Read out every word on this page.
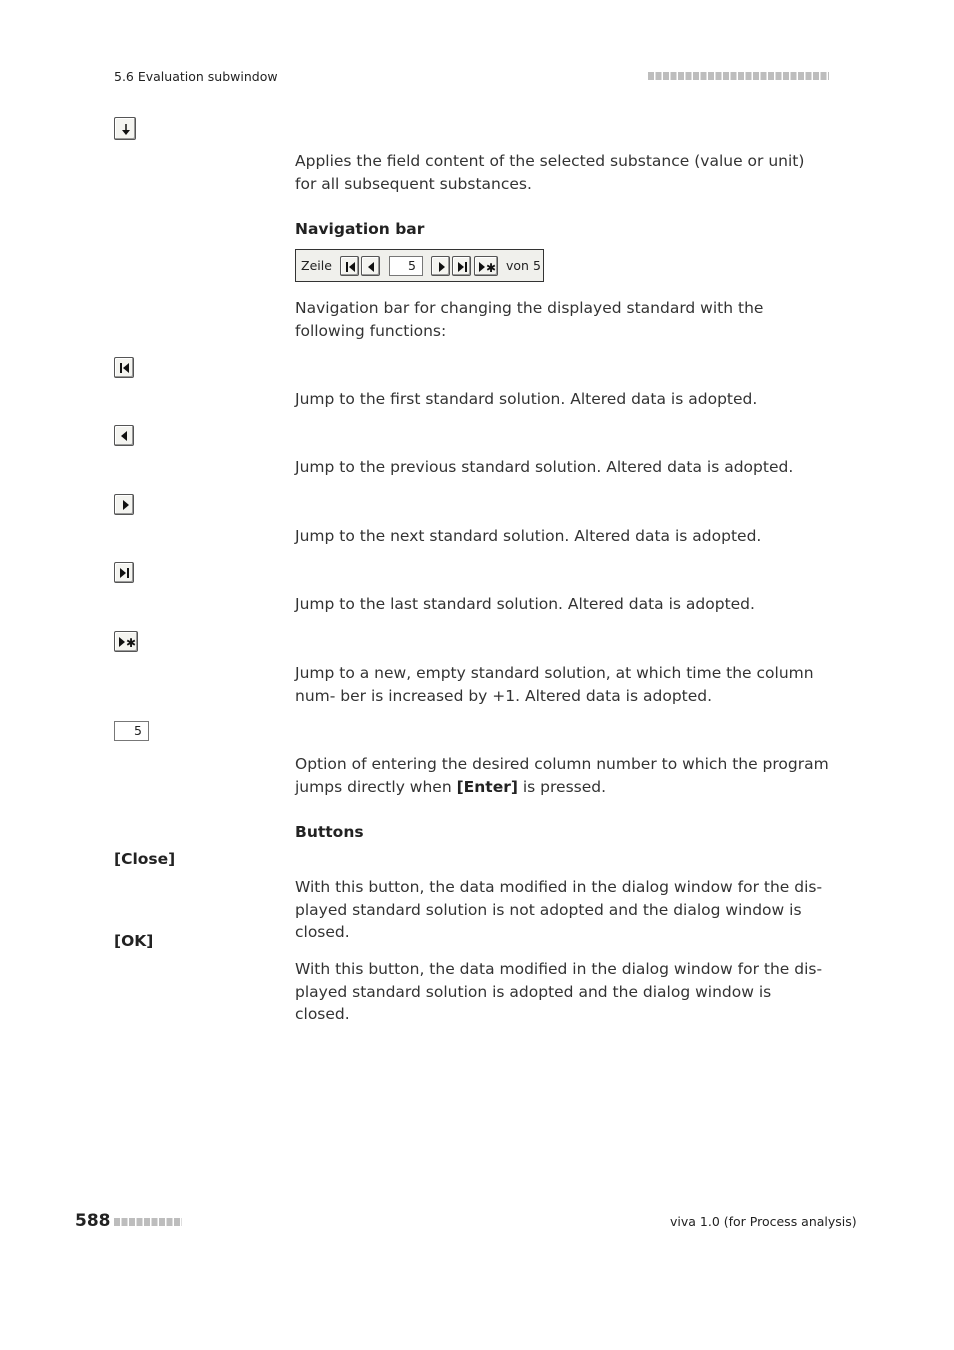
5.6 Evaluation subwindow
Applies the field content of the selected substance (value or unit) for all subsequent substances.
Navigation bar
Zeile	5	✱ von 5
Navigation bar for changing the displayed standard with the following functions:
Jump to the first standard solution. Altered data is adopted.
Jump to the previous standard solution. Altered data is adopted.
Jump to the next standard solution. Altered data is adopted.
Jump to the last standard solution. Altered data is adopted.
✱
Jump to a new, empty standard solution, at which time the column num- ber is increased by +1. Altered data is adopted.
5
Option of entering the desired column number to which the program jumps directly when [Enter] is pressed.
Buttons
[Close]
With this button, the data modified in the dialog window for the dis- played standard solution is not adopted and the dialog window is closed.
[OK]
With this button, the data modified in the dialog window for the dis- played standard solution is adopted and the dialog window is closed.
588	viva 1.0 (for Process analysis)
